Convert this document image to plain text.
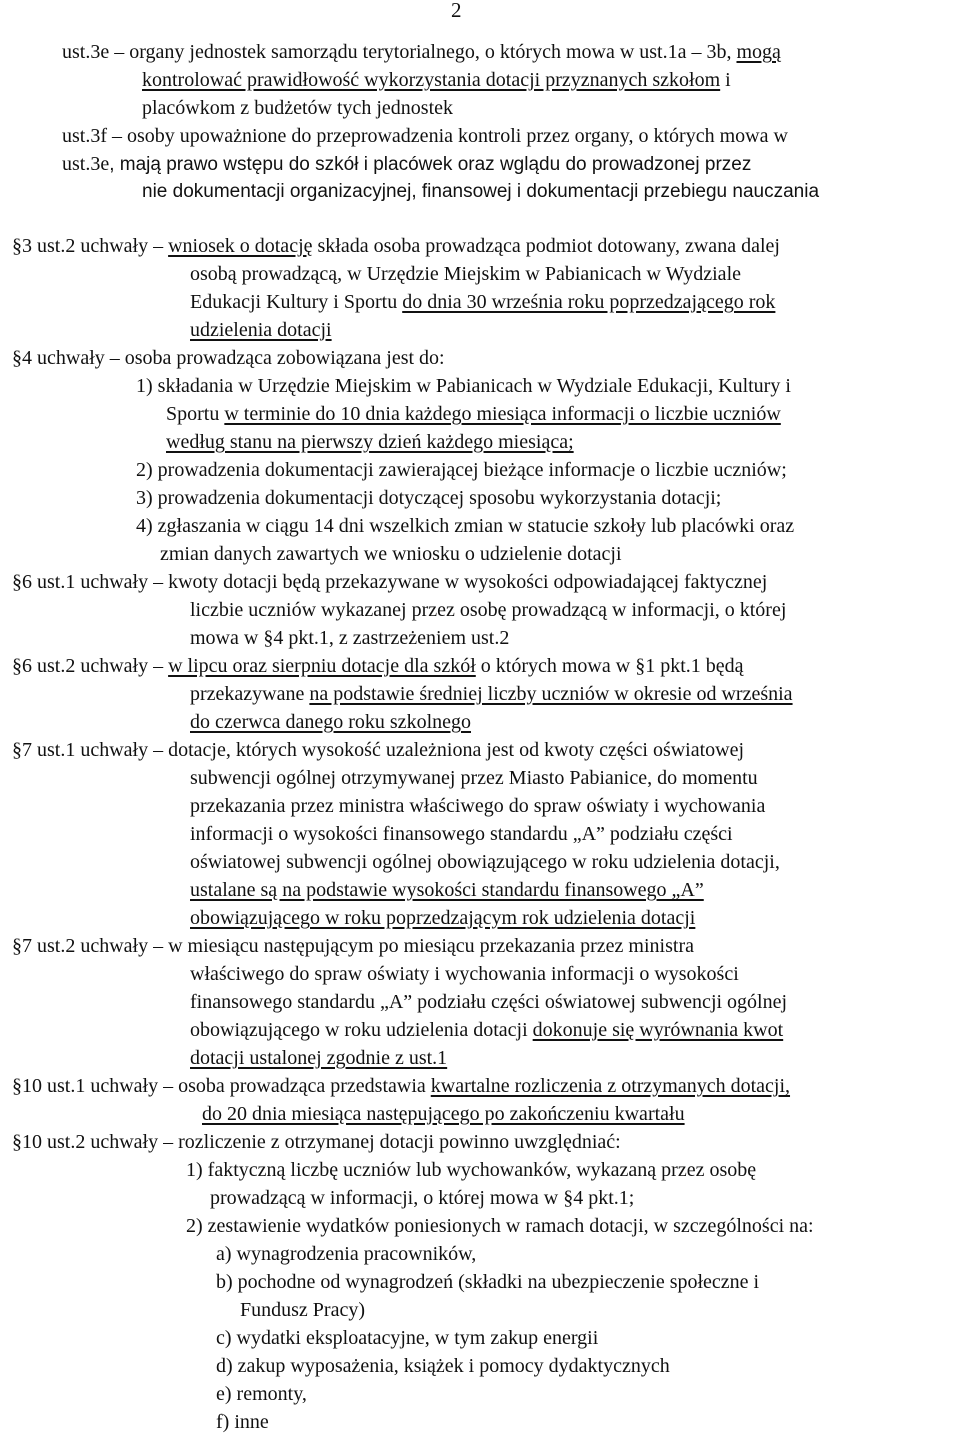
2
ust.3e – organy jednostek samorządu terytorialnego, o których mowa w ust.1a – 3b, mogą
kontrolować prawidłowość wykorzystania dotacji przyznanych szkołom i
placówkom z budżetów tych jednostek
ust.3f – osoby upoważnione do przeprowadzenia kontroli przez organy, o których mowa w
ust.3e, mają prawo wstępu do szkół i placówek oraz wglądu do prowadzonej przez
nie dokumentacji organizacyjnej, finansowej i dokumentacji przebiegu nauczania
§3 ust.2 uchwały – wniosek o dotację składa osoba prowadząca podmiot dotowany, zwana dalej
osobą prowadzącą, w Urzędzie Miejskim w Pabianicach w Wydziale
Edukacji Kultury i Sportu do dnia 30 września roku poprzedzającego rok
udzielenia dotacji
§4 uchwały – osoba prowadząca zobowiązana jest do:
1) składania w Urzędzie Miejskim w Pabianicach w Wydziale Edukacji, Kultury i
Sportu w terminie do 10 dnia każdego miesiąca informacji o liczbie uczniów
według stanu na pierwszy dzień każdego miesiąca;
2) prowadzenia dokumentacji zawierającej bieżące informacje o liczbie uczniów;
3) prowadzenia dokumentacji dotyczącej sposobu wykorzystania dotacji;
4) zgłaszania w ciągu 14 dni wszelkich zmian w statucie szkoły lub placówki oraz
zmian danych zawartych we wniosku o udzielenie dotacji
§6 ust.1 uchwały – kwoty dotacji będą przekazywane w wysokości odpowiadającej faktycznej
liczbie uczniów wykazanej przez osobę prowadzącą w informacji, o której
mowa w §4 pkt.1, z zastrzeżeniem ust.2
§6 ust.2 uchwały – w lipcu oraz sierpniu dotacje dla szkół o których mowa w §1 pkt.1 będą
przekazywane na podstawie średniej liczby uczniów w okresie od września
do czerwca danego roku szkolnego
§7 ust.1 uchwały – dotacje, których wysokość uzależniona jest od kwoty części oświatowej
subwencji ogólnej otrzymywanej przez Miasto Pabianice, do momentu
przekazania przez ministra właściwego do spraw oświaty i wychowania
informacji o wysokości finansowego standardu „A” podziału części
oświatowej subwencji ogólnej obowiązującego w roku udzielenia dotacji,
ustalane są na podstawie wysokości standardu finansowego „A”
obowiązującego w roku poprzedzającym rok udzielenia dotacji
§7 ust.2 uchwały – w miesiącu następującym po miesiącu przekazania przez ministra
właściwego do spraw oświaty i wychowania informacji o wysokości
finansowego standardu „A” podziału części oświatowej subwencji ogólnej
obowiązującego w roku udzielenia dotacji dokonuje się wyrównania kwot
dotacji ustalonej zgodnie z ust.1
§10 ust.1 uchwały – osoba prowadząca przedstawia kwartalne rozliczenia z otrzymanych dotacji,
do 20 dnia miesiąca następującego po zakończeniu kwartału
§10 ust.2 uchwały – rozliczenie z otrzymanej dotacji powinno uwzględniać:
1) faktyczną liczbę uczniów lub wychowanków, wykazaną przez osobę
prowadzącą w informacji, o której mowa w §4 pkt.1;
2) zestawienie wydatków poniesionych w ramach dotacji, w szczególności na:
a) wynagrodzenia pracowników,
b) pochodne od wynagrodzeń (składki na ubezpieczenie społeczne i
Fundusz Pracy)
c) wydatki eksploatacyjne, w tym zakup energii
d) zakup wyposażenia, książek i pomocy dydaktycznych
e) remonty,
f) inne
